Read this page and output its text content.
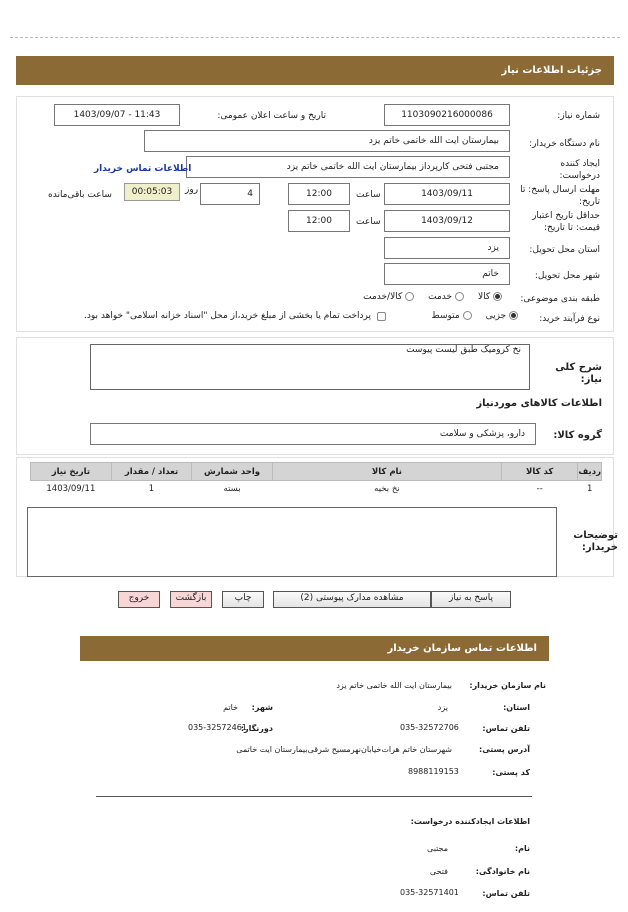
جزئیات اطلاعات نیاز
شماره نیاز:
1103090216000086
تاریخ و ساعت اعلان عمومی:
1403/09/07 - 11:43
نام دستگاه خریدار:
بیمارستان ایت الله خاتمی خاتم یزد
ایجاد کننده درخواست:
مجتبی فتحی کارپرداز بیمارستان ایت الله خاتمی خاتم یزد
اطلاعات تماس خریدار
مهلت ارسال پاسخ: تا تاریخ:
1403/09/11
ساعت
12:00
4
روز
00:05:03
ساعت باقی‌مانده
حداقل تاریخ اعتبار قیمت: تا تاریخ:
1403/09/12
ساعت
12:00
استان محل تحویل:
یزد
شهر محل تحویل:
خاتم
طبقه بندی موضوعی:
کالا
خدمت
کالا/خدمت
نوع فرآیند خرید:
جزیی
متوسط
پرداخت تمام یا بخشی از مبلغ خرید،از محل "اسناد خزانه اسلامی" خواهد بود.
شرح کلی نیاز:
نخ کرومیک طبق لیست پیوست
اطلاعات کالاهای موردنیاز
گروه کالا:
دارو، پزشکی و سلامت
ردیف	کد کالا	نام کالا	واحد شمارش	تعداد / مقدار	تاریخ نیاز
1	--	نخ بخیه	بسته	1	1403/09/11
توضیحات خریدار:
پاسخ به نیاز
مشاهده مدارک پیوستی (2)
چاپ
بازگشت
خروج
اطلاعات تماس سازمان خریدار
نام سازمان خریدار:
بیمارستان ایت الله خاتمی خاتم یزد
استان:
یزد
شهر:
خاتم
تلفن تماس:
035-32572706
دورنگار:
035-32572461
آدرس پستی:
شهرستان خاتم هرات‌خیابان‌نهرمسیح شرقی‌بیمارستان ایت خاتمی
کد پستی:
8988119153
اطلاعات ایجادکننده درخواست:
نام:
مجتبی
نام خانوادگی:
فتحی
تلفن تماس:
035-32571401
